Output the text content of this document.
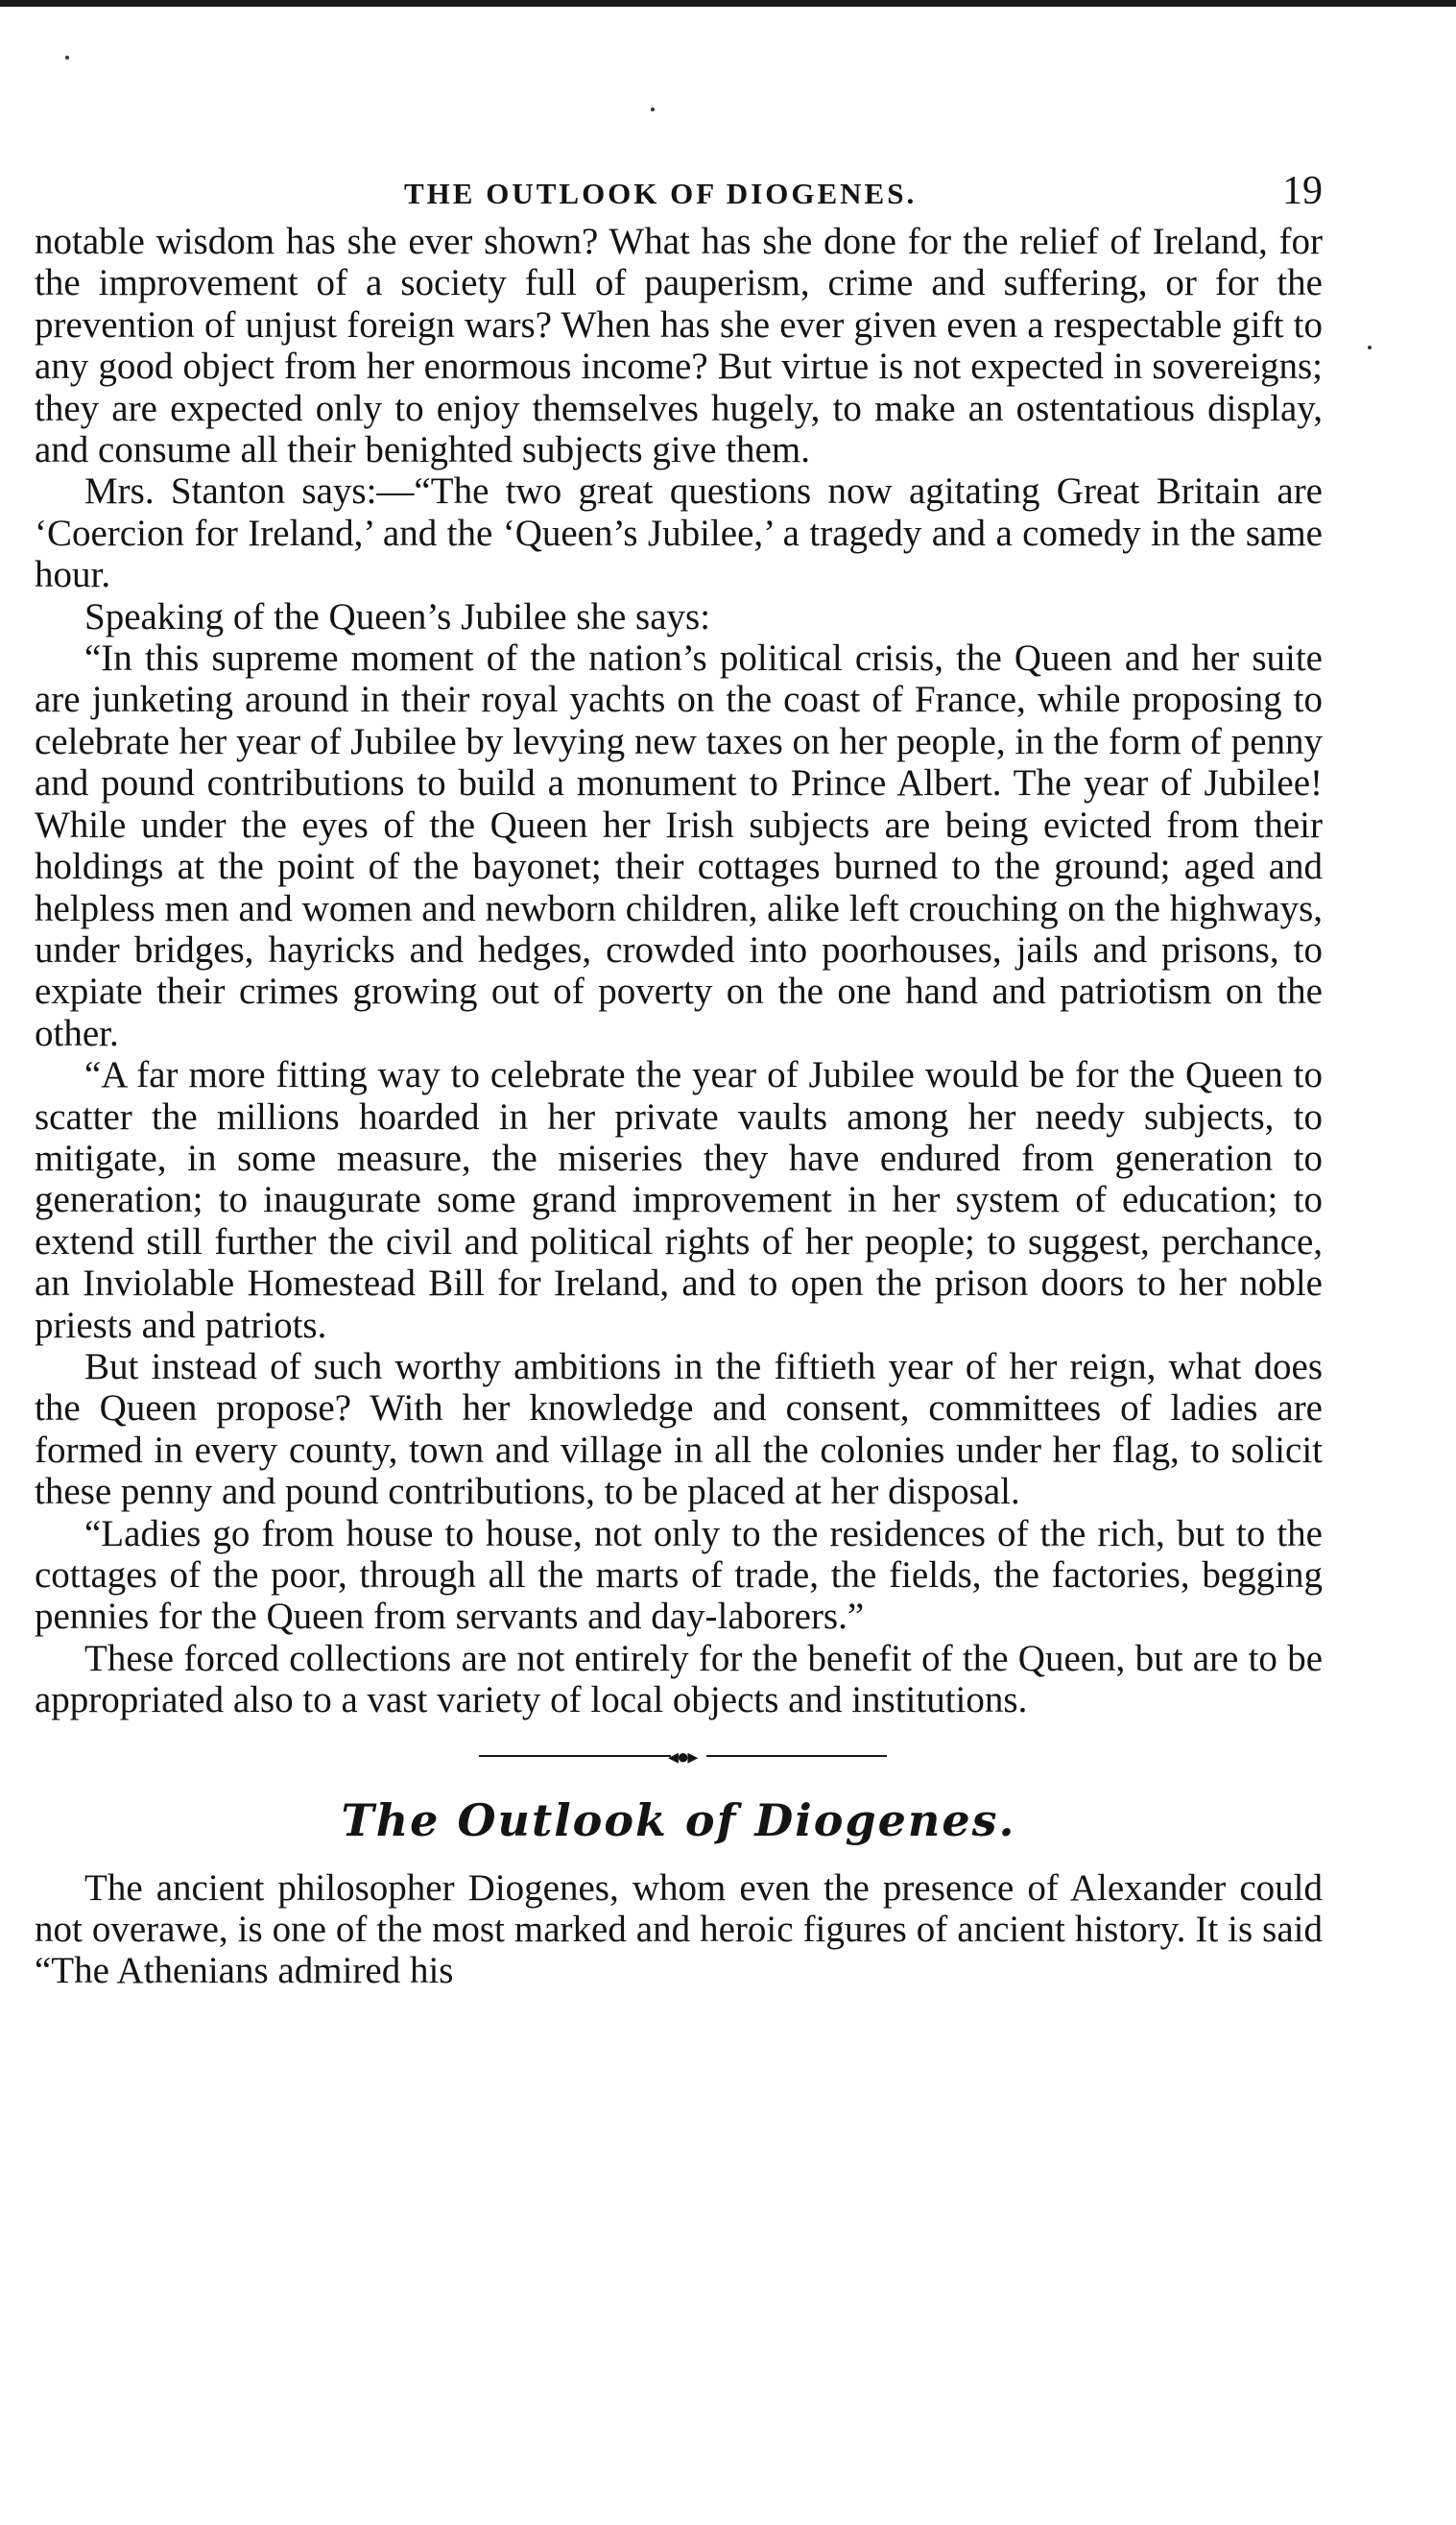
THE OUTLOOK OF DIOGENES.	19

notable wisdom has she ever shown? What has she done for the relief of Ireland, for the improvement of a society full of pauperism, crime and suffering, or for the prevention of unjust foreign wars? When has she ever given even a respectable gift to any good object from her enormous income? But virtue is not expected in sovereigns; they are expected only to enjoy themselves hugely, to make an ostentatious display, and consume all their benighted subjects give them.

Mrs. Stanton says:—“The two great questions now agitating Great Britain are ‘Coercion for Ireland,’ and the ‘Queen’s Jubilee,’ a tragedy and a comedy in the same hour.

Speaking of the Queen’s Jubilee she says:

“In this supreme moment of the nation’s political crisis, the Queen and her suite are junketing around in their royal yachts on the coast of France, while proposing to celebrate her year of Jubilee by levying new taxes on her people, in the form of penny and pound contributions to build a monument to Prince Albert. The year of Jubilee! While under the eyes of the Queen her Irish subjects are being evicted from their holdings at the point of the bayonet; their cottages burned to the ground; aged and helpless men and women and newborn children, alike left crouching on the highways, under bridges, hayricks and hedges, crowded into poorhouses, jails and prisons, to expiate their crimes growing out of poverty on the one hand and patriotism on the other.

“A far more fitting way to celebrate the year of Jubilee would be for the Queen to scatter the millions hoarded in her private vaults among her needy subjects, to mitigate, in some measure, the miseries they have endured from generation to generation; to inaugurate some grand improvement in her system of education; to extend still further the civil and political rights of her people; to suggest, perchance, an Inviolable Homestead Bill for Ireland, and to open the prison doors to her noble priests and patriots.

But instead of such worthy ambitions in the fiftieth year of her reign, what does the Queen propose? With her knowledge and consent, committees of ladies are formed in every county, town and village in all the colonies under her flag, to solicit these penny and pound contributions, to be placed at her disposal.

“Ladies go from house to house, not only to the residences of the rich, but to the cottages of the poor, through all the marts of trade, the fields, the factories, begging pennies for the Queen from servants and day-laborers.”

These forced collections are not entirely for the benefit of the Queen, but are to be appropriated also to a vast variety of local objects and institutions.

◂●▸
The Outlook of Diogenes.

The ancient philosopher Diogenes, whom even the presence of Alexander could not overawe, is one of the most marked and heroic figures of ancient history. It is said “The Athenians admired his
